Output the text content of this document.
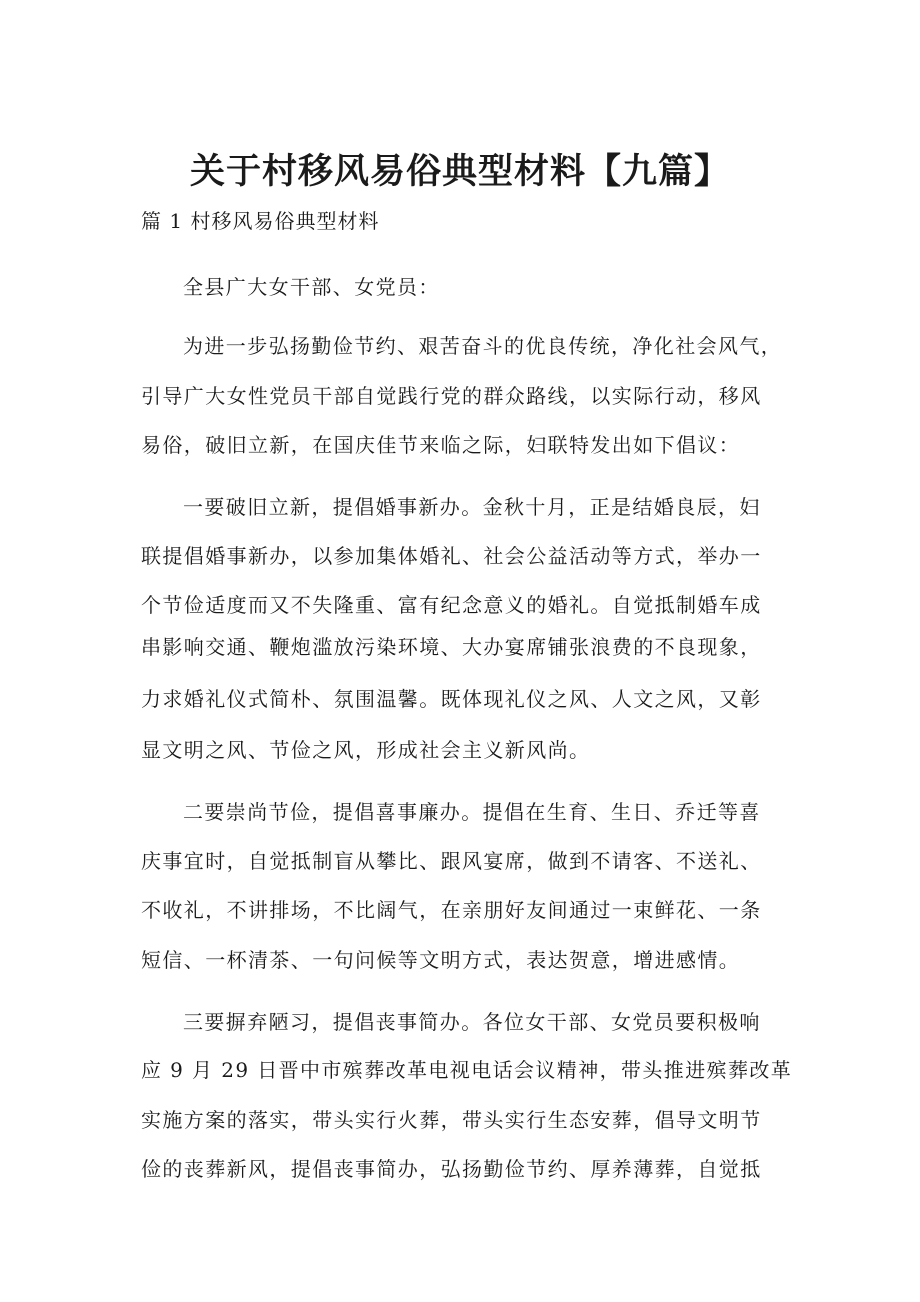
关于村移风易俗典型材料【九篇】
篇 1 村移风易俗典型材料
全县广大女干部、女党员：
为进一步弘扬勤俭节约、艰苦奋斗的优良传统，净化社会风气，
引导广大女性党员干部自觉践行党的群众路线，以实际行动，移风
易俗，破旧立新，在国庆佳节来临之际，妇联特发出如下倡议：
一要破旧立新，提倡婚事新办。金秋十月，正是结婚良辰，妇
联提倡婚事新办，以参加集体婚礼、社会公益活动等方式，举办一
个节俭适度而又不失隆重、富有纪念意义的婚礼。自觉抵制婚车成
串影响交通、鞭炮滥放污染环境、大办宴席铺张浪费的不良现象，
力求婚礼仪式简朴、氛围温馨。既体现礼仪之风、人文之风，又彰
显文明之风、节俭之风，形成社会主义新风尚。
二要崇尚节俭，提倡喜事廉办。提倡在生育、生日、乔迁等喜
庆事宜时，自觉抵制盲从攀比、跟风宴席，做到不请客、不送礼、
不收礼，不讲排场，不比阔气，在亲朋好友间通过一束鲜花、一条
短信、一杯清茶、一句问候等文明方式，表达贺意，增进感情。
三要摒弃陋习，提倡丧事简办。各位女干部、女党员要积极响
应 9 月 29 日晋中市殡葬改革电视电话会议精神，带头推进殡葬改革
实施方案的落实，带头实行火葬，带头实行生态安葬，倡导文明节
俭的丧葬新风，提倡丧事简办，弘扬勤俭节约、厚养薄葬，自觉抵
